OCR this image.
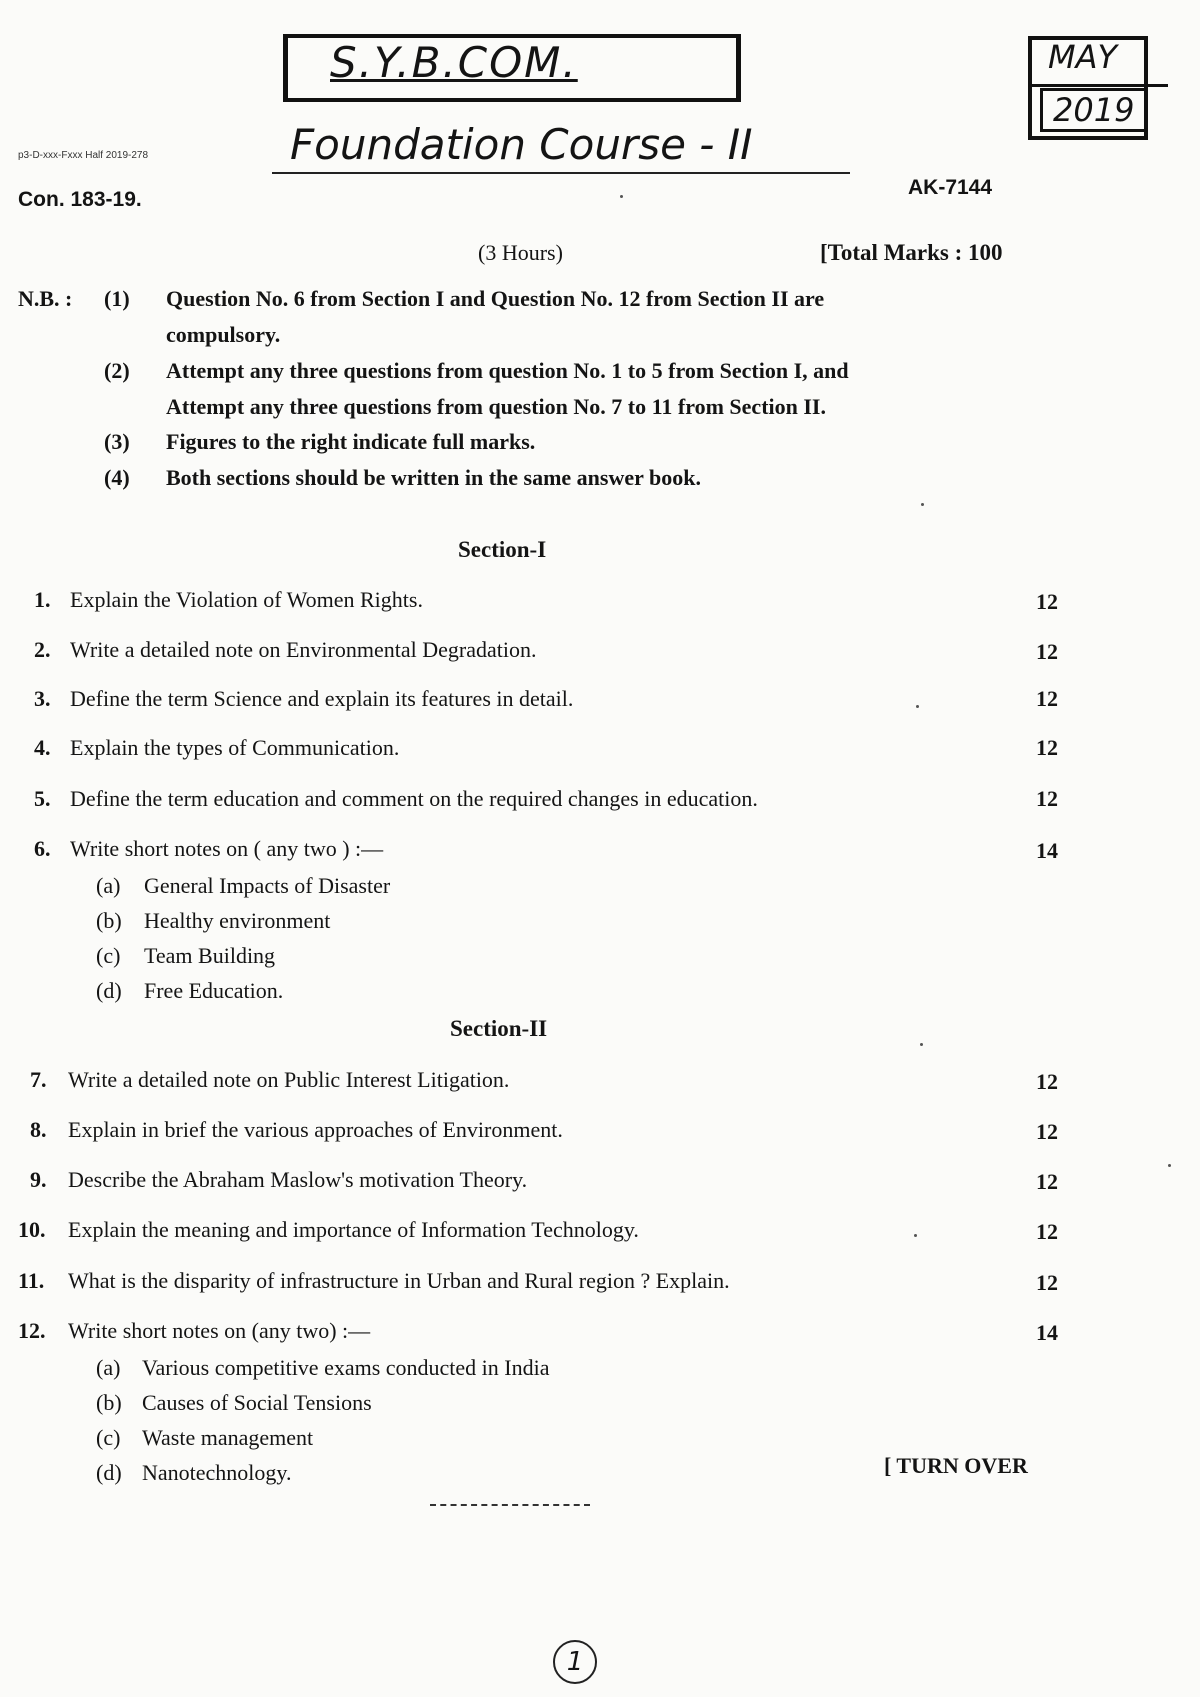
S.Y.B.COM.	MAY
2019
p3-D-xxx-Fxxx Half 2019-278	Foundation Course - II
Con. 183-19.
AK-7144
(3 Hours)	[Total Marks : 100
N.B. : (1) Question No. 6 from Section I and Question No. 12 from Section II are
compulsory.
(2) Attempt any three questions from question No. 1 to 5 from Section I, and
Attempt any three questions from question No. 7 to 11 from Section II.
(3) Figures to the right indicate full marks.
(4) Both sections should be written in the same answer book.
Section-I
1. Explain the Violation of Women Rights.	12
2. Write a detailed note on Environmental Degradation.	12
3. Define the term Science and explain its features in detail.	12
4. Explain the types of Communication.	12
5. Define the term education and comment on the required changes in education.	12
6. Write short notes on ( any two ) :—	14
(a) General Impacts of Disaster
(b) Healthy environment
(c) Team Building
(d) Free Education.
Section-II
7. Write a detailed note on Public Interest Litigation.	12
8. Explain in brief the various approaches of Environment.	12
9. Describe the Abraham Maslow's motivation Theory.	12
10. Explain the meaning and importance of Information Technology.	12
11. What is the disparity of infrastructure in Urban and Rural region ? Explain.	12
12. Write short notes on (any two) :—	14
(a) Various competitive exams conducted in India
(b) Causes of Social Tensions
(c) Waste management
(d) Nanotechnology.	[ TURN OVER
1
